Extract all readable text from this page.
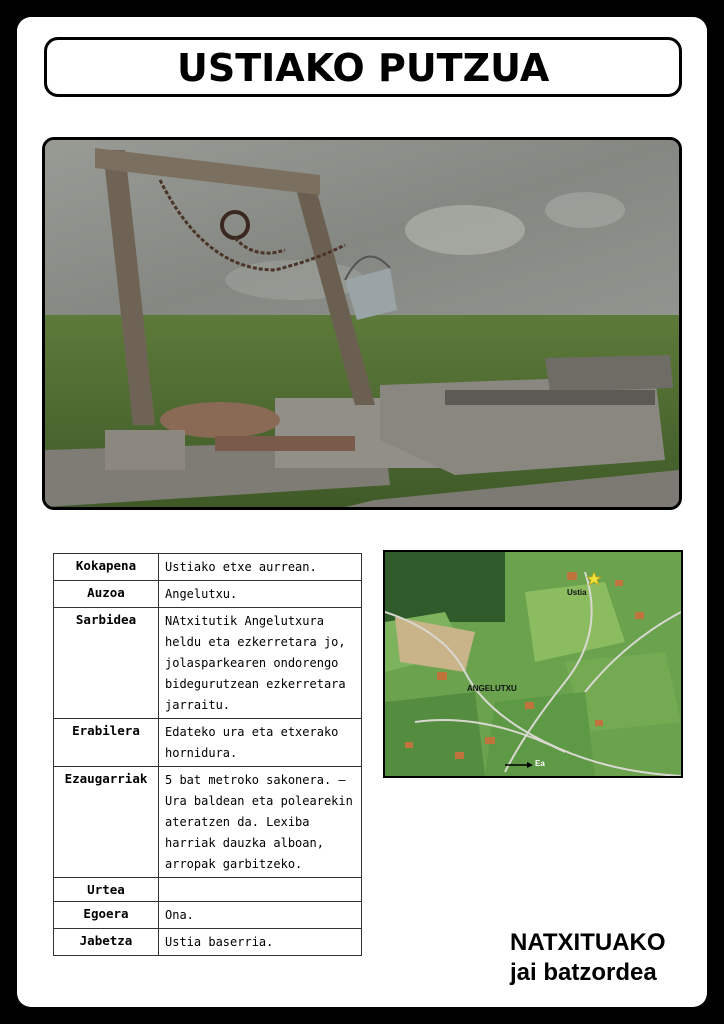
USTIAKO PUTZUA
Kokapena	Ustiako etxe aurrean.
Auzoa	Angelutxu.
Sarbidea	NAtxitutik Angelutxura heldu eta ezkerretara jo, jolasparkearen ondorengo bidegurutzean ezkerretara jarraitu.
Erabilera	Edateko ura eta etxerako hornidura.
Ezaugarriak	5 bat metroko sakonera. – Ura baldean eta polearekin ateratzen da. Lexiba harriak dauzka alboan, arropak garbitzeko.
Urtea	
Egoera	Ona.
Jabetza	Ustia baserria.
Ustia
ANGELUTXU
Ea
NATXITUAKO
jai batzordea
